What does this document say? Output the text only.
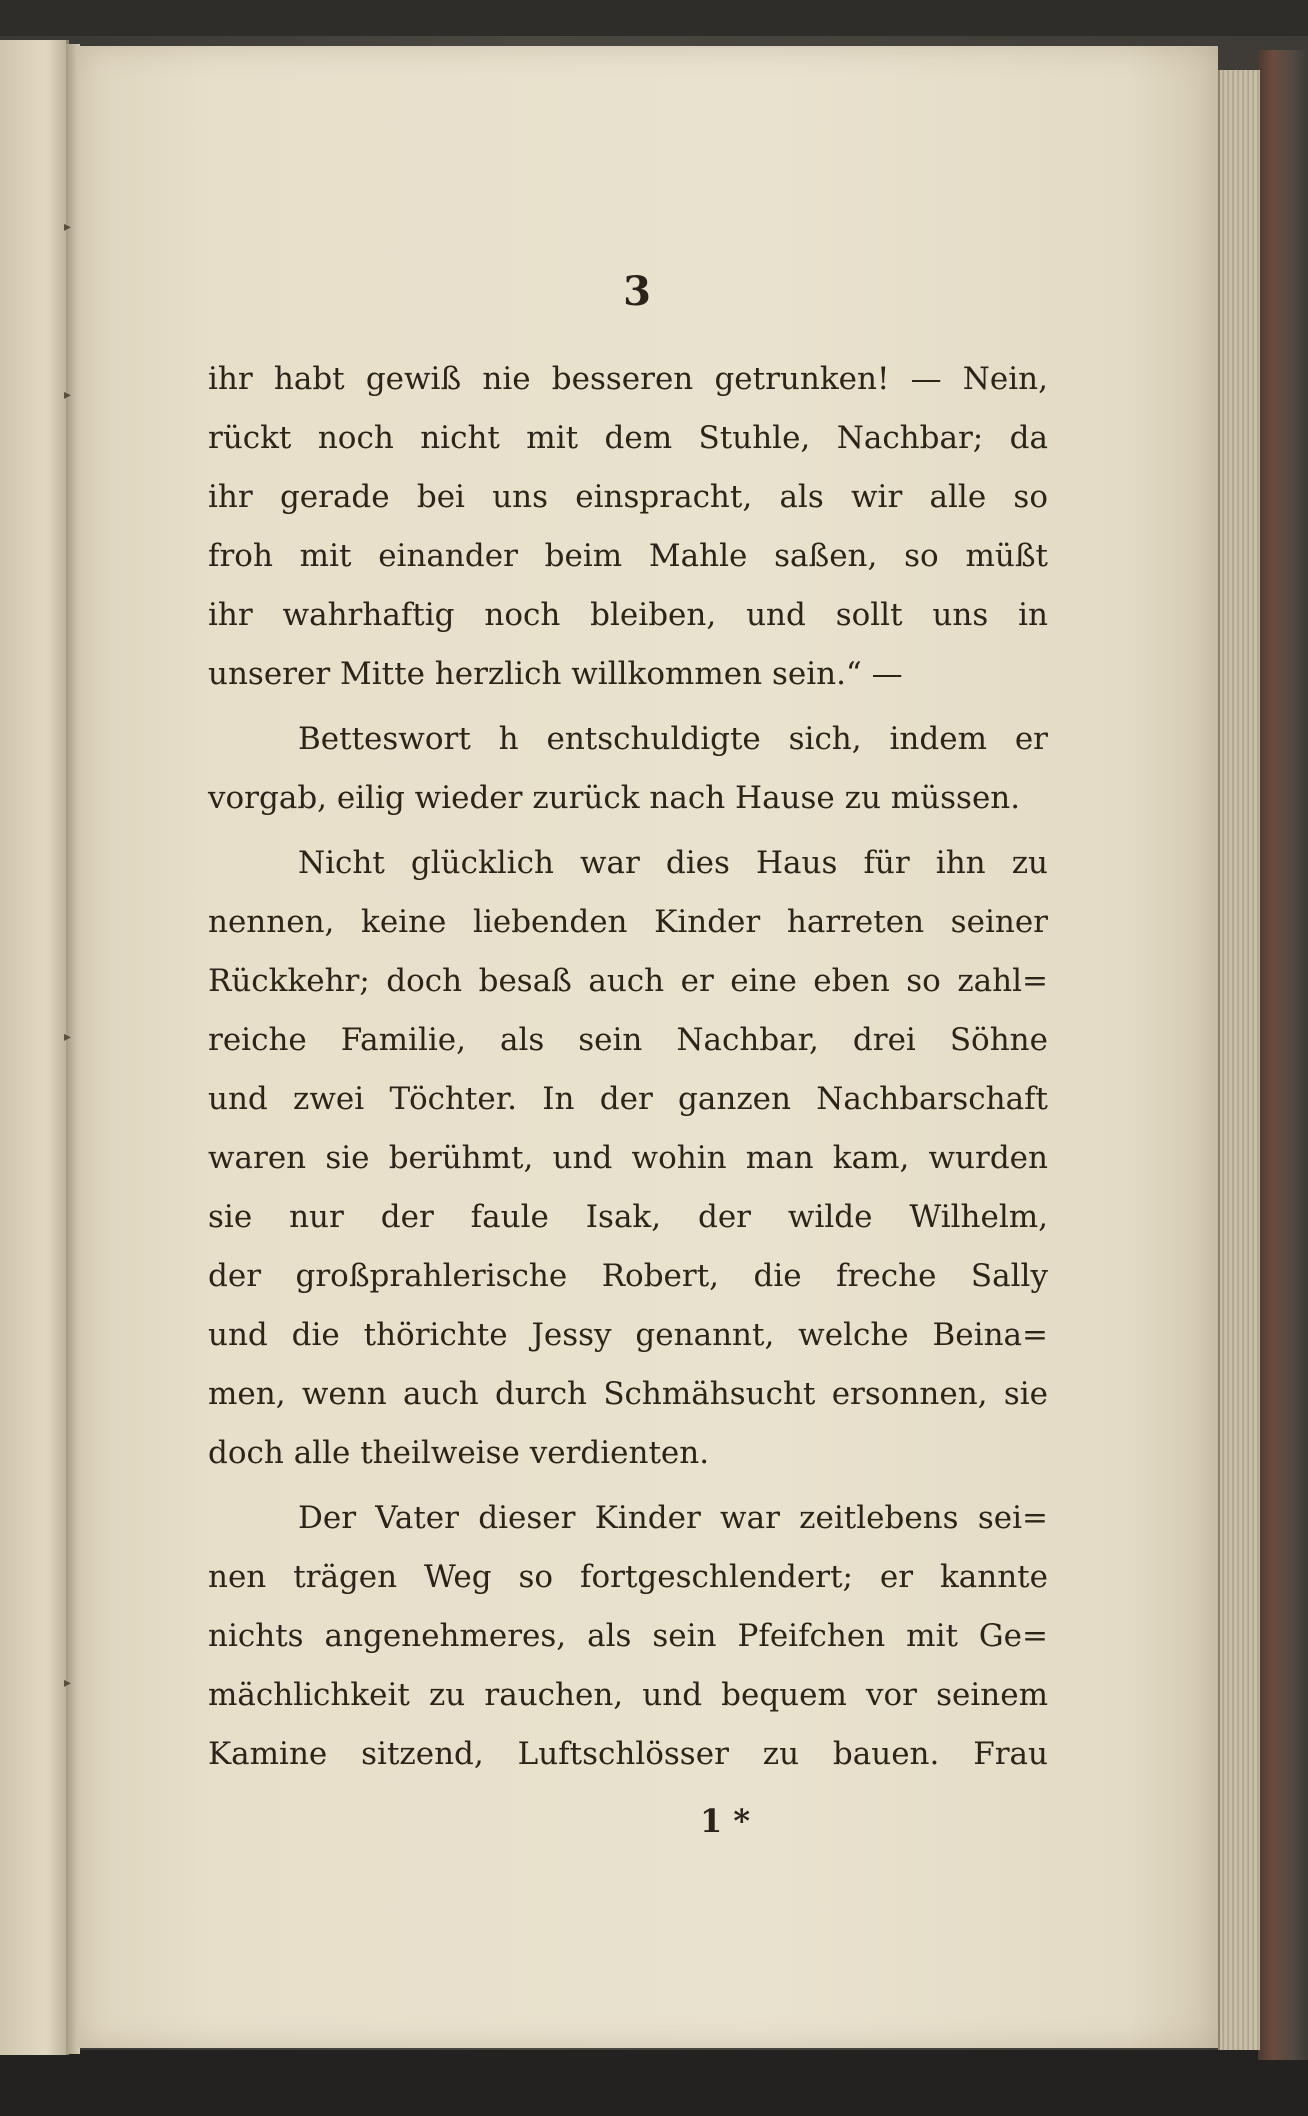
▸
▸
▸
▸
3
ihr habt gewiß nie besseren getrunken! — Nein,
rückt noch nicht mit dem Stuhle, Nachbar; da
ihr gerade bei uns einspracht, als wir alle so
froh mit einander beim Mahle saßen, so müßt
ihr wahrhaftig noch bleiben, und sollt uns in
unserer Mitte herzlich willkommen sein.“ —
Betteswort h entschuldigte sich, indem er
vorgab, eilig wieder zurück nach Hause zu müssen.
Nicht glücklich war dies Haus für ihn zu
nennen, keine liebenden Kinder harreten seiner
Rückkehr; doch besaß auch er eine eben so zahl=
reiche Familie, als sein Nachbar, drei Söhne
und zwei Töchter. In der ganzen Nachbarschaft
waren sie berühmt, und wohin man kam, wurden
sie nur der faule Isak, der wilde Wilhelm,
der großprahlerische Robert, die freche Sally
und die thörichte Jessy genannt, welche Beina=
men, wenn auch durch Schmähsucht ersonnen, sie
doch alle theilweise verdienten.
Der Vater dieser Kinder war zeitlebens sei=
nen trägen Weg so fortgeschlendert; er kannte
nichts angenehmeres, als sein Pfeifchen mit Ge=
mächlichkeit zu rauchen, und bequem vor seinem
Kamine sitzend, Luftschlösser zu bauen. Frau
1 *
